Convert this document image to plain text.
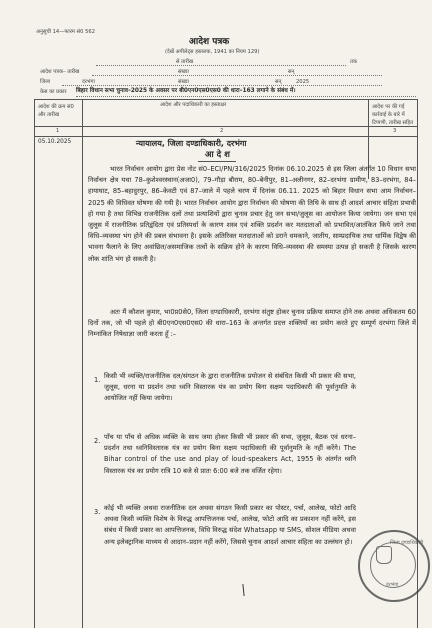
अनुसूची 14—फारम सं0 562
आदेश पत्रक
(देखें अपीलेट्स हस्तलक, 1941 का नियम 129)
से तारीख	तक
आदेश पत्रक– तारीख	संख्या	सन्
जिला	दरभंगा	संख्या	सन्	2025
केस का प्रकार बिहार विधान सभा चुनाव–2025 के अवसर पर बी0एन0एस0एस0 की धारा–163 लगाने के संबंध में।
आदेश की क्रम सं0 और तारीख
आदेश और पदाधिकारी का हस्ताक्षर	आदेश पर की गई कार्रवाई के बारे में टिप्पणी, तारीख सहित
1	2	3
05.10.2025	न्यायालय, जिला दण्डाधिकारी, दरभंगा
आ दे श
भारत निर्वाचन आयोग द्वारा प्रेस नोट सं0–ECI/PN/316/2025 दिनांक 06.10.2025 से इस जिला अंतर्गत 10 विधान सभा निर्वाचन क्षेत्र यथा 78–कुशेश्वरस्थान(अजा0), 79–गौड़ा बौराम, 80–बेनीपुर, 81–अलीनगर, 82–दरभंगा ग्रामीण, 83–दरभंगा, 84–हायाघाट, 85–बहादुरपुर, 86–केवटी एवं 87–जाले में पहले चरण में दिनांक 06.11. 2025 को बिहार विधान सभा आम निर्वाचन–2025 की विधिवत घोषणा की गयी है। भारत निर्वाचन आयोग द्वारा निर्वाचन की घोषणा की तिथि के साथ ही आदर्श आचार संहिता प्रभावी हो गया है तथा विभिन्न राजनीतिक दलों तथा प्रत्याशियों द्वारा चुनाव प्रचार हेतु जन सभा/जुलूस का आयोजन किया जायेगा। जन सभा एवं जुलूस में राजनीतिक प्रतिद्वंदिता एवं प्रतिस्पर्धा के कारण शस्त्र एवं शक्ति प्रदर्शन कर मतदाताओं को प्रभावित/आतंकित किये जाने तथा विधि–व्यवस्था भंग होने की प्रबल संभावना है। इसके अतिरिक्त मतदाताओं को डराने धमकाने, जातीय, साम्प्रदायिक तथा धार्मिक विद्वेष की भावना फैलाने के लिए अवांछित/असमाजिक तत्वों के सक्रिय होने के कारण विधि–व्यवस्था की समस्या उत्पन्न हो सकती है जिसके कारण लोक शांति भंग हो सकती है।
अतः मैं कौशल कुमार, भा0प्र0से0, जिला दण्डाधिकारी, दरभंगा संतुष्ट होकर चुनाव प्रक्रिया समाप्त होने तक अथवा अधिकतम 60 दिनों तक, जो भी पहले हो बी0एन0एस0एस0 की धारा–163 के अन्तर्गत प्रदत्त शक्तियों का प्रयोग करते हुए सम्पूर्ण दरभंगा जिले में निम्नांकित निषेधाज्ञा जारी करता हूँ :–
1. किसी भी व्यक्ति/राजनीतिक दल/संगठन के द्वारा राजनीतिक प्रयोजन से संबंधित किसी भी प्रकार की सभा, जुलूस, धरना या प्रदर्शन तथा ध्वनि विस्तारक यंत्र का प्रयोग बिना सक्षम पदाधिकारी की पूर्वानुमति के आयोजित नहीं किया जायेगा।
2. पाँच या पाँच से अधिक व्यक्ति के साथ जमा होकर किसी भी प्रकार की सभा, जुलूस, बैठक एवं धरना–प्रदर्शन तथा ध्वनिविस्तारक यंत्र का प्रयोग बिना सक्षम पदाधिकारी की पूर्वानुमति के नहीं करेंगे। The Bihar control of the use and play of loud-speakers Act, 1955 के अंतर्गत ध्वनि विस्तारक यंत्र का प्रयोग रात्रि 10 बजे से प्रातः 6:00 बजे तक वर्जित रहेगा।
3. कोई भी व्यक्ति अथवा राजनीतिक दल अथवा संगठन किसी प्रकार का पोस्टर, पर्चा, आलेख, फोटो आदि अथवा किसी व्यक्ति विशेष के विरुद्ध आपत्तिजनक पर्चा, आलेख, फोटो आदि का प्रकाशन नहीं करेंगे, इस संबंध में किसी प्रकार का आपत्तिजनक, विधि विरुद्ध संदेश Whatsapp या SMS, सोशल मीडिया अथवा अन्य इलेक्ट्रानिक माध्यम से आदान–प्रदान नहीं करेंगे, जिससे चुनाव आदर्श आचार संहिता का उल्लंघन हो।	जिला दण्डाधिकारी
दरभंगा
